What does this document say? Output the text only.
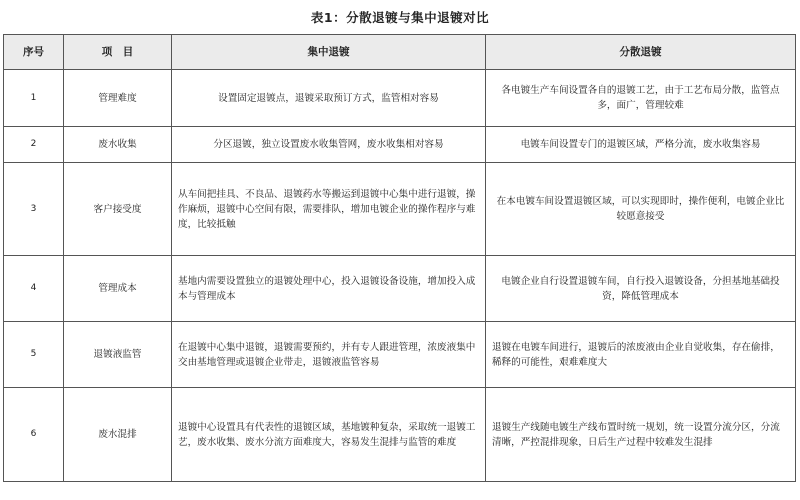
表1：分散退镀与集中退镀对比
序号	项　目	集中退镀	分散退镀
1	管理难度	设置固定退镀点，退镀采取预订方式，监管相对容易	各电镀生产车间设置各自的退镀工艺，由于工艺布局分散，监管点多，面广，管理较难
2	废水收集	分区退镀，独立设置废水收集管网，废水收集相对容易	电镀车间设置专门的退镀区域，严格分流，废水收集容易
3	客户接受度	从车间把挂具、不良品、退镀药水等搬运到退镀中心集中进行退镀，操作麻烦，退镀中心空间有限，需要排队，增加电镀企业的操作程序与难度，比较抵触	在本电镀车间设置退镀区域，可以实现即时，操作便利，电镀企业比较愿意接受
4	管理成本	基地内需要设置独立的退镀处理中心，投入退镀设备设施，增加投入成本与管理成本	电镀企业自行设置退镀车间，自行投入退镀设备，分担基地基础投资，降低管理成本
5	退镀液监管	在退镀中心集中退镀，退镀需要预约，并有专人跟进管理，浓废液集中交由基地管理或退镀企业带走，退镀液监管容易	退镀在电镀车间进行，退镀后的浓废液由企业自觉收集，存在偷排，稀释的可能性，艰难难度大
6	废水混排	退镀中心设置具有代表性的退镀区域，基地镀种复杂，采取统一退镀工艺，废水收集、废水分流方面难度大，容易发生混排与监管的难度	退镀生产线随电镀生产线布置时统一规划，统一设置分流分区，分流清晰，严控混排现象，日后生产过程中较难发生混排
